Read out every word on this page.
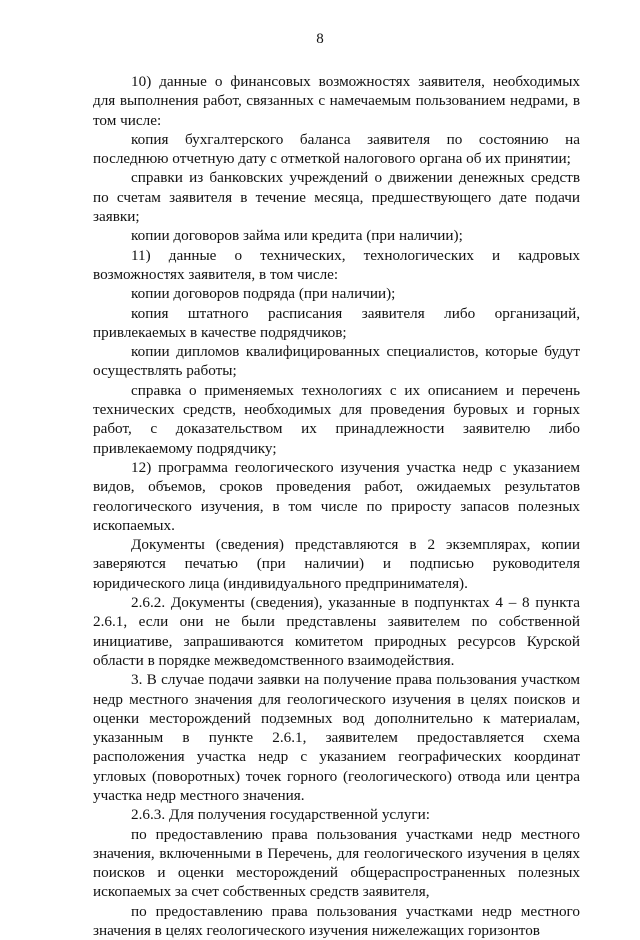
8

10) данные о финансовых возможностях заявителя, необходимых для выполнения работ, связанных с намечаемым пользованием недрами, в том числе:

копия бухгалтерского баланса заявителя по состоянию на последнюю отчетную дату с отметкой налогового органа об их принятии;

справки из банковских учреждений о движении денежных средств по счетам заявителя в течение месяца, предшествующего дате подачи заявки;

копии договоров займа или кредита (при наличии);

11) данные о технических, технологических и кадровых возможностях заявителя, в том числе:

копии договоров подряда (при наличии);

копия штатного расписания заявителя либо организаций, привлекаемых в качестве подрядчиков;

копии дипломов квалифицированных специалистов, которые будут осуществлять работы;

справка о применяемых технологиях с их описанием и перечень технических средств, необходимых для проведения буровых и горных работ, с доказательством их принадлежности заявителю либо привлекаемому подрядчику;

12) программа геологического изучения участка недр с указанием видов, объемов, сроков проведения работ, ожидаемых результатов геологического изучения, в том числе по приросту запасов полезных ископаемых.

Документы (сведения) представляются в 2 экземплярах, копии заверяются печатью (при наличии) и подписью руководителя юридического лица (индивидуального предпринимателя).

2.6.2. Документы (сведения), указанные в подпунктах 4 – 8 пункта 2.6.1, если они не были представлены заявителем по собственной инициативе, запрашиваются комитетом природных ресурсов Курской области в порядке межведомственного взаимодействия.

3. В случае подачи заявки на получение права пользования участком недр местного значения для геологического изучения в целях поисков и оценки месторождений подземных вод дополнительно к материалам, указанным в пункте 2.6.1, заявителем предоставляется схема расположения участка недр с указанием географических координат угловых (поворотных) точек горного (геологического) отвода или центра участка недр местного значения.

2.6.3. Для получения государственной услуги:

по предоставлению права пользования участками недр местного значения, включенными в Перечень, для геологического изучения в целях поисков и оценки месторождений общераспространенных полезных ископаемых за счет собственных средств заявителя,

по предоставлению права пользования участками недр местного значения в целях геологического изучения нижележащих горизонтов
